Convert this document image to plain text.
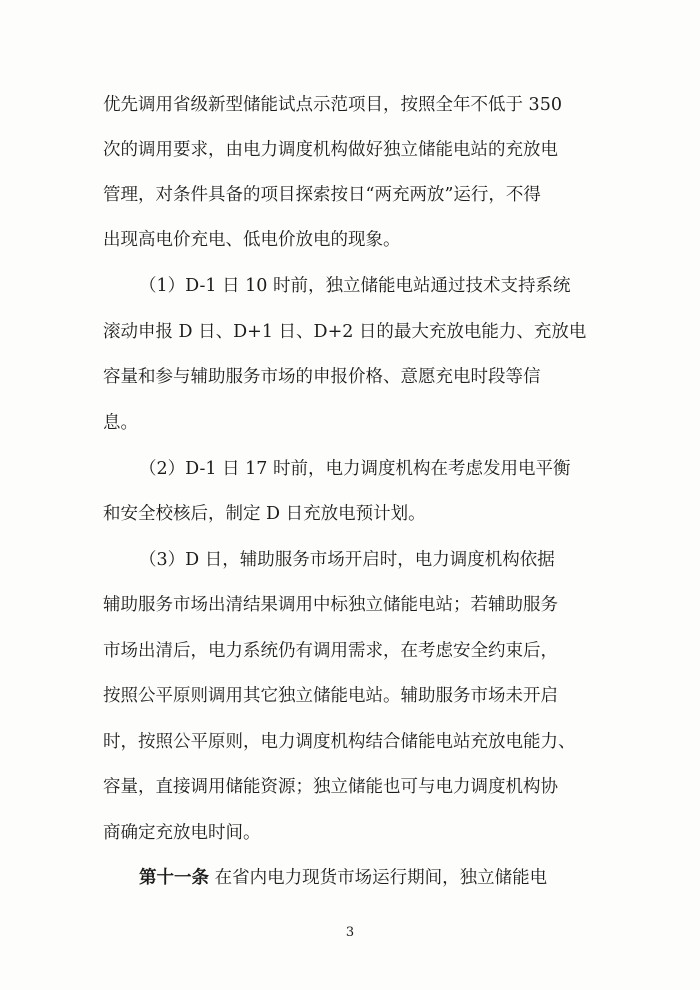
优先调用省级新型储能试点示范项目，按照全年不低于 350
次的调用要求，由电力调度机构做好独立储能电站的充放电
管理，对条件具备的项目探索按日“两充两放”运行，不得
出现高电价充电、低电价放电的现象。
（1）D-1 日 10 时前，独立储能电站通过技术支持系统
滚动申报 D 日、D+1 日、D+2 日的最大充放电能力、充放电
容量和参与辅助服务市场的申报价格、意愿充电时段等信
息。
（2）D-1 日 17 时前，电力调度机构在考虑发用电平衡
和安全校核后，制定 D 日充放电预计划。
（3）D 日，辅助服务市场开启时，电力调度机构依据
辅助服务市场出清结果调用中标独立储能电站；若辅助服务
市场出清后，电力系统仍有调用需求，在考虑安全约束后，
按照公平原则调用其它独立储能电站。辅助服务市场未开启
时，按照公平原则，电力调度机构结合储能电站充放电能力、
容量，直接调用储能资源；独立储能也可与电力调度机构协
商确定充放电时间。
第十一条 在省内电力现货市场运行期间，独立储能电
3
